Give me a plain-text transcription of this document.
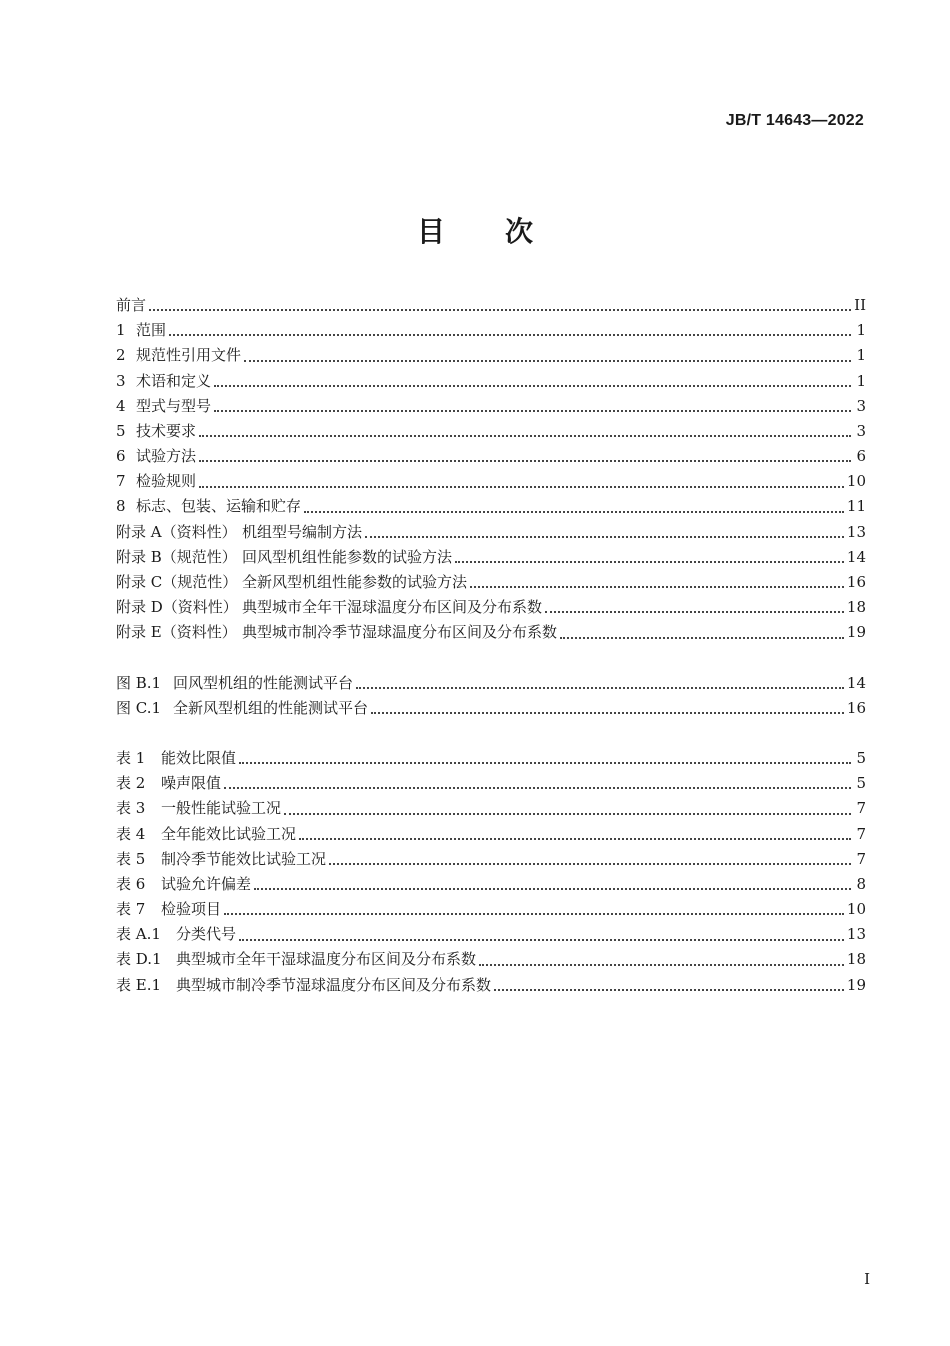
JB/T 14643—2022
目次
前言	II
1 范围	1
2 规范性引用文件	1
3 术语和定义	1
4 型式与型号	3
5 技术要求	3
6 试验方法	6
7 检验规则	10
8 标志、包装、运输和贮存	11
附录 A（资料性） 机组型号编制方法	13
附录 B（规范性） 回风型机组性能参数的试验方法	14
附录 C（规范性） 全新风型机组性能参数的试验方法	16
附录 D（资料性） 典型城市全年干湿球温度分布区间及分布系数	18
附录 E（资料性） 典型城市制冷季节湿球温度分布区间及分布系数	19
图 B.1 回风型机组的性能测试平台	14
图 C.1 全新风型机组的性能测试平台	16
表 1	能效比限值	5
表 2	噪声限值	5
表 3	一般性能试验工况	7
表 4	全年能效比试验工况	7
表 5	制冷季节能效比试验工况	7
表 6	试验允许偏差	8
表 7	检验项目	10
表 A.1	分类代号	13
表 D.1 典型城市全年干湿球温度分布区间及分布系数	18
表 E.1 典型城市制冷季节湿球温度分布区间及分布系数	19
I
